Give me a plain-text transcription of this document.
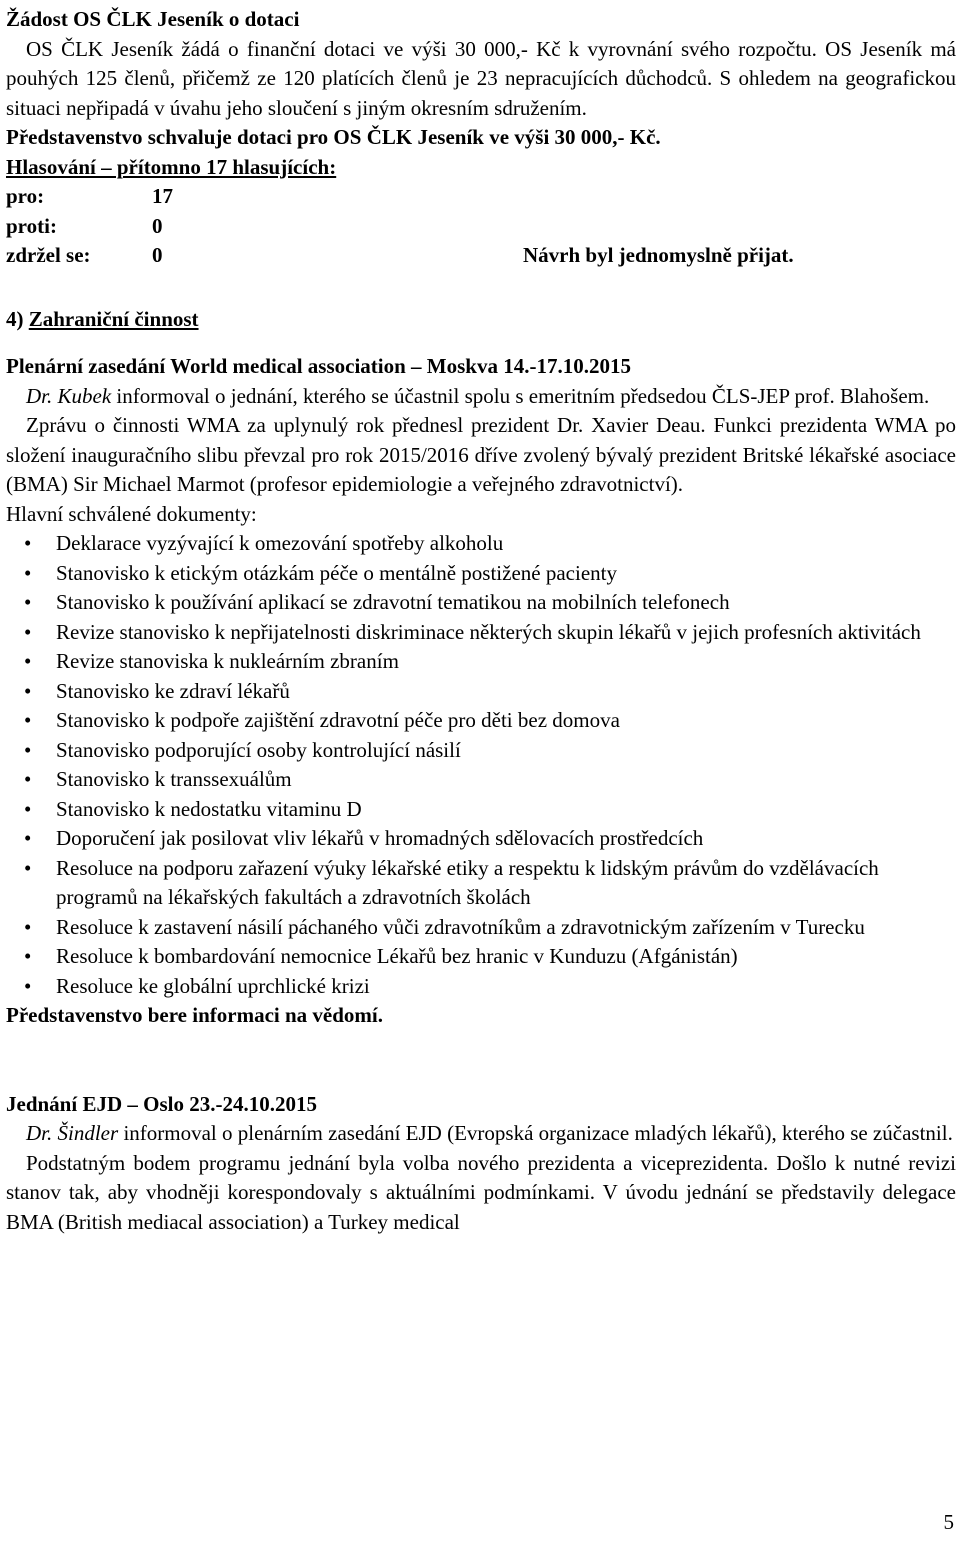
Žádost OS ČLK Jeseník o dotaci

OS ČLK Jeseník žádá o finanční dotaci ve výši 30 000,- Kč k vyrovnání svého rozpočtu. OS Jeseník má pouhých 125 členů, přičemž ze 120 platících členů je 23 nepracujících důchodců. S ohledem na geografickou situaci nepřipadá v úvahu jeho sloučení s jiným okresním sdružením.

Představenstvo schvaluje dotaci pro OS ČLK Jeseník ve výši 30 000,- Kč.

Hlasování – přítomno 17 hlasujících:

pro:	17
proti:	0
zdržel se:	0	Návrh byl jednomyslně přijat.

4) Zahraniční činnost

Plenární zasedání World medical association – Moskva 14.-17.10.2015

Dr. Kubek informoval o jednání, kterého se účastnil spolu s emeritním předsedou ČLS-JEP prof. Blahošem.

Zprávu o činnosti WMA za uplynulý rok přednesl prezident Dr. Xavier Deau. Funkci prezidenta WMA po složení inauguračního slibu převzal pro rok 2015/2016 dříve zvolený bývalý prezident Britské lékařské asociace (BMA) Sir Michael Marmot (profesor epidemiologie a veřejného zdravotnictví).

Hlavní schválené dokumenty:

• Deklarace vyzývající k omezování spotřeby alkoholu
• Stanovisko k etickým otázkám péče o mentálně postižené pacienty
• Stanovisko k používání aplikací se zdravotní tematikou na mobilních telefonech
• Revize stanovisko k nepřijatelnosti diskriminace některých skupin lékařů v jejich profesních aktivitách
• Revize stanoviska k nukleárním zbraním
• Stanovisko ke zdraví lékařů
• Stanovisko k podpoře zajištění zdravotní péče pro děti bez domova
• Stanovisko podporující osoby kontrolující násilí
• Stanovisko k transsexuálům
• Stanovisko k nedostatku vitaminu D
• Doporučení jak posilovat vliv lékařů v hromadných sdělovacích prostředcích
• Resoluce na podporu zařazení výuky lékařské etiky a respektu k lidským právům do vzdělávacích programů na lékařských fakultách a zdravotních školách
• Resoluce k zastavení násilí páchaného vůči zdravotníkům a zdravotnickým zařízením v Turecku
• Resoluce k bombardování nemocnice Lékařů bez hranic v Kunduzu (Afgánistán)
• Resoluce ke globální uprchlické krizi

Představenstvo bere informaci na vědomí.

Jednání EJD – Oslo 23.-24.10.2015

Dr. Šindler informoval o plenárním zasedání EJD (Evropská organizace mladých lékařů), kterého se zúčastnil.

Podstatným bodem programu jednání byla volba nového prezidenta a viceprezidenta. Došlo k nutné revizi stanov tak, aby vhodněji korespondovaly s aktuálními podmínkami. V úvodu jednání se představily delegace BMA (British mediacal association) a Turkey medical

5
